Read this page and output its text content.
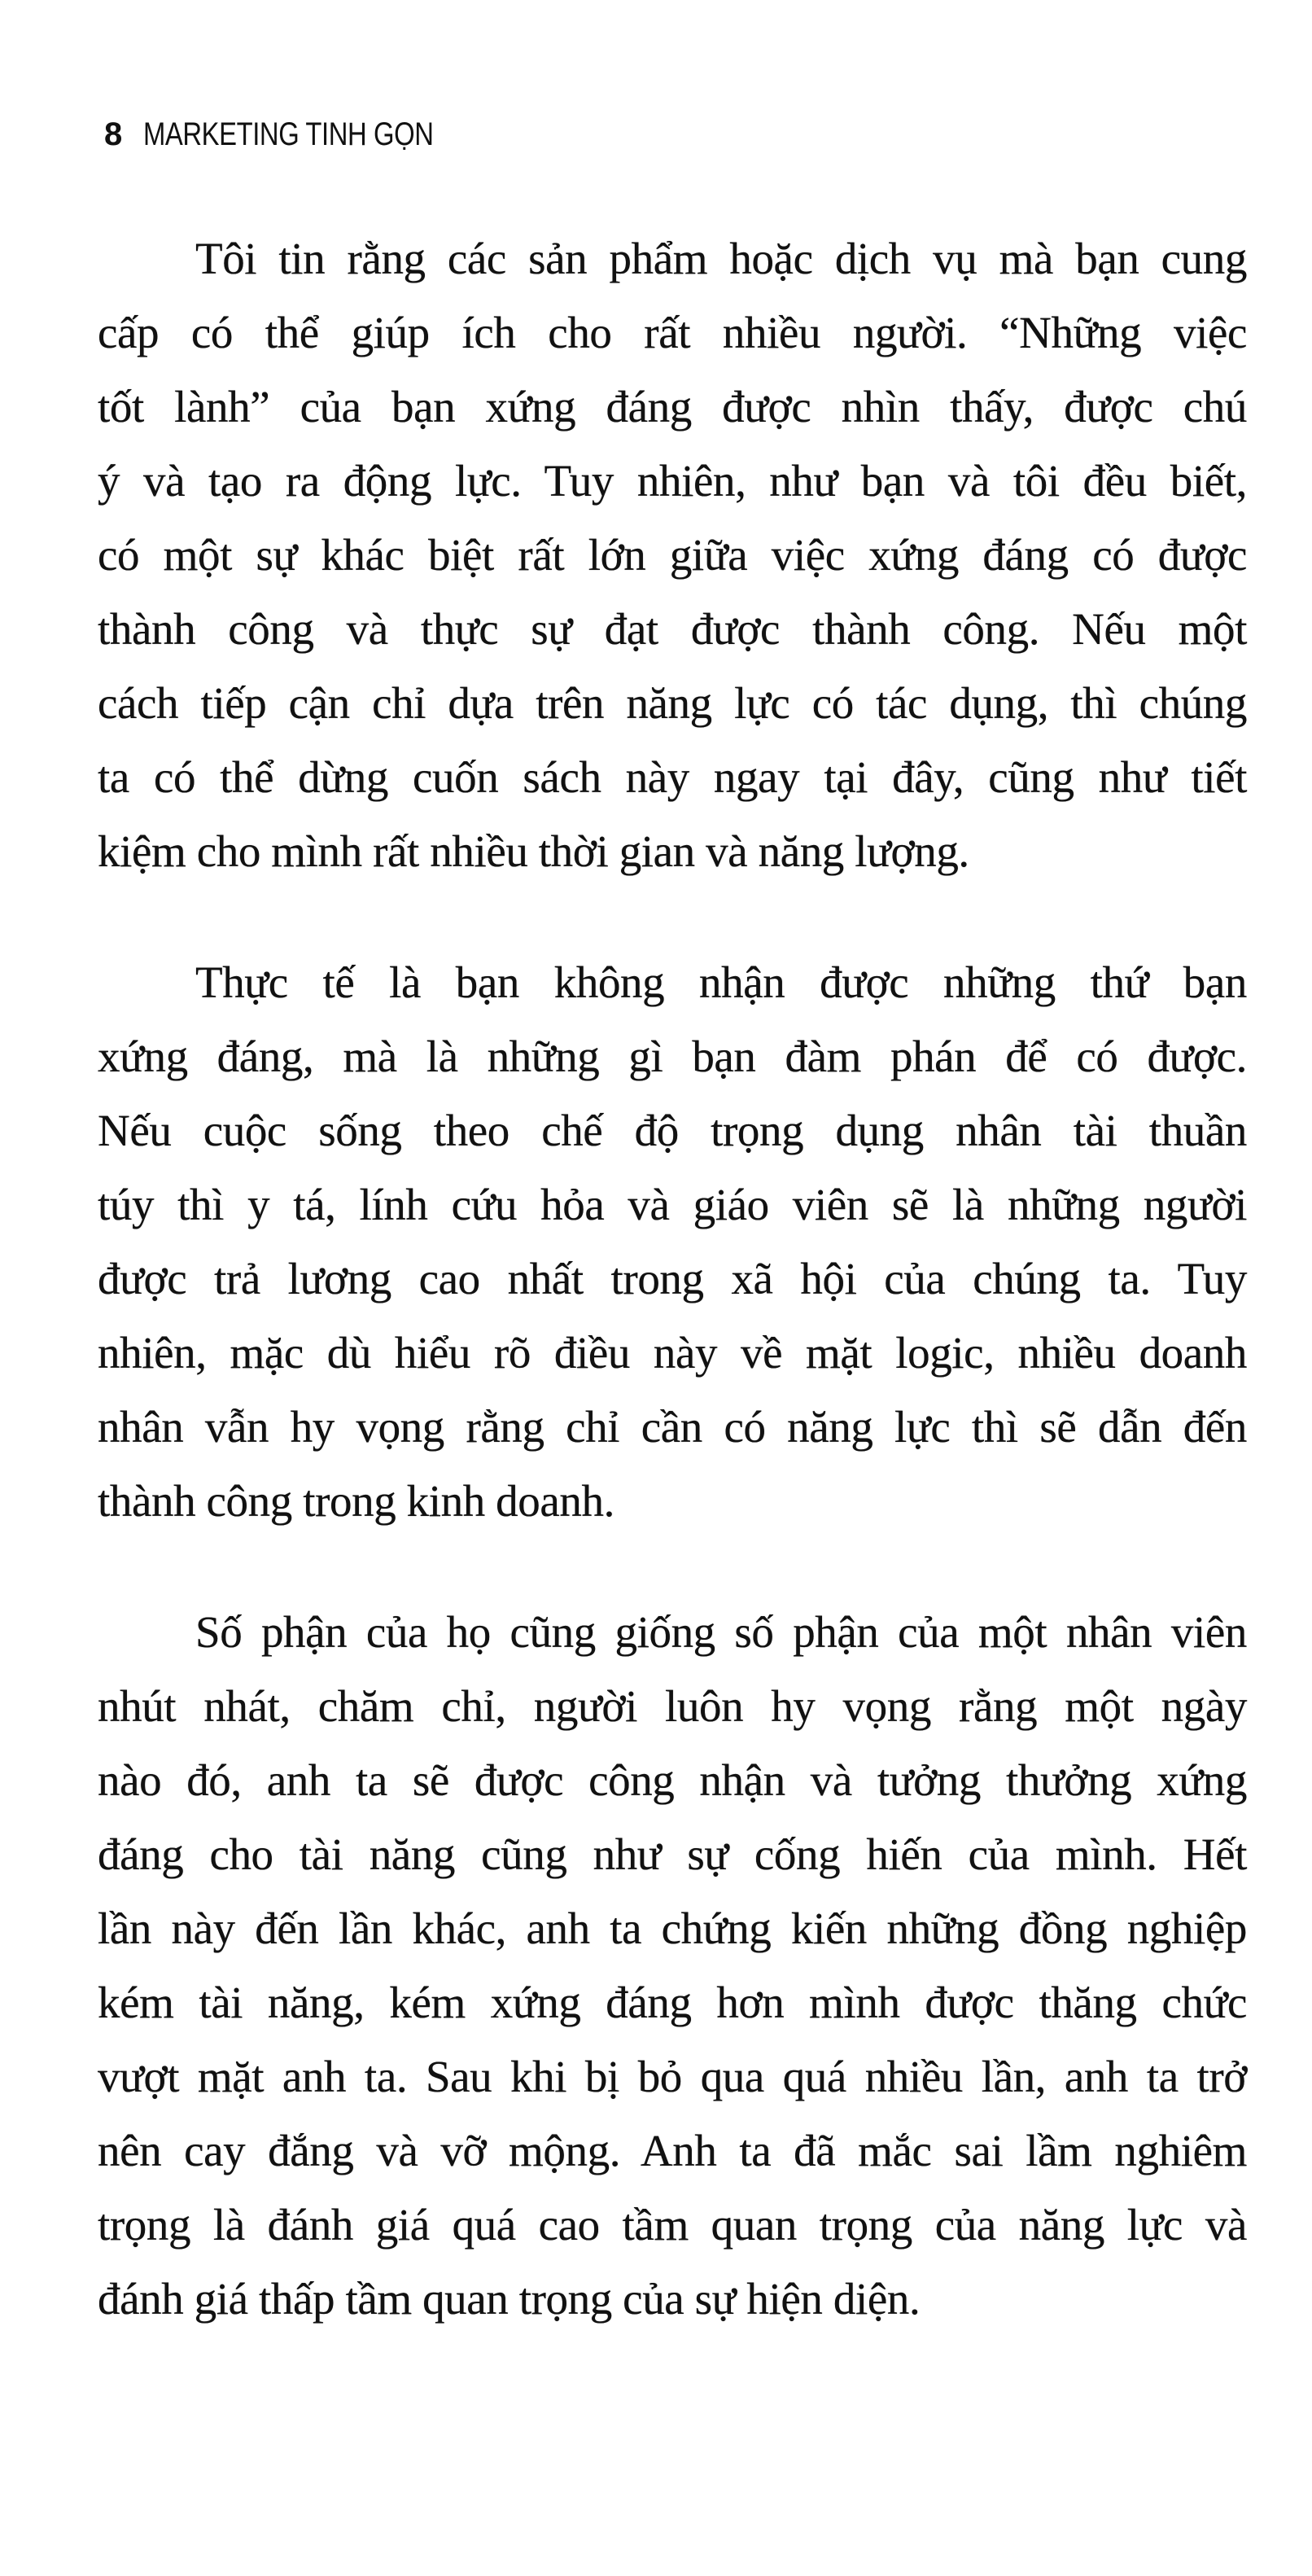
8 MARKETING TINH GỌN
Tôi tin rằng các sản phẩm hoặc dịch vụ mà bạn cung
cấp có thể giúp ích cho rất nhiều người. “Những việc
tốt lành” của bạn xứng đáng được nhìn thấy, được chú
ý và tạo ra động lực. Tuy nhiên, như bạn và tôi đều biết,
có một sự khác biệt rất lớn giữa việc xứng đáng có được
thành công và thực sự đạt được thành công. Nếu một
cách tiếp cận chỉ dựa trên năng lực có tác dụng, thì chúng
ta có thể dừng cuốn sách này ngay tại đây, cũng như tiết
kiệm cho mình rất nhiều thời gian và năng lượng.
Thực tế là bạn không nhận được những thứ bạn
xứng đáng, mà là những gì bạn đàm phán để có được.
Nếu cuộc sống theo chế độ trọng dụng nhân tài thuần
túy thì y tá, lính cứu hỏa và giáo viên sẽ là những người
được trả lương cao nhất trong xã hội của chúng ta. Tuy
nhiên, mặc dù hiểu rõ điều này về mặt logic, nhiều doanh
nhân vẫn hy vọng rằng chỉ cần có năng lực thì sẽ dẫn đến
thành công trong kinh doanh.
Số phận của họ cũng giống số phận của một nhân viên
nhút nhát, chăm chỉ, người luôn hy vọng rằng một ngày
nào đó, anh ta sẽ được công nhận và tưởng thưởng xứng
đáng cho tài năng cũng như sự cống hiến của mình. Hết
lần này đến lần khác, anh ta chứng kiến những đồng nghiệp
kém tài năng, kém xứng đáng hơn mình được thăng chức
vượt mặt anh ta. Sau khi bị bỏ qua quá nhiều lần, anh ta trở
nên cay đắng và vỡ mộng. Anh ta đã mắc sai lầm nghiêm
trọng là đánh giá quá cao tầm quan trọng của năng lực và
đánh giá thấp tầm quan trọng của sự hiện diện.
